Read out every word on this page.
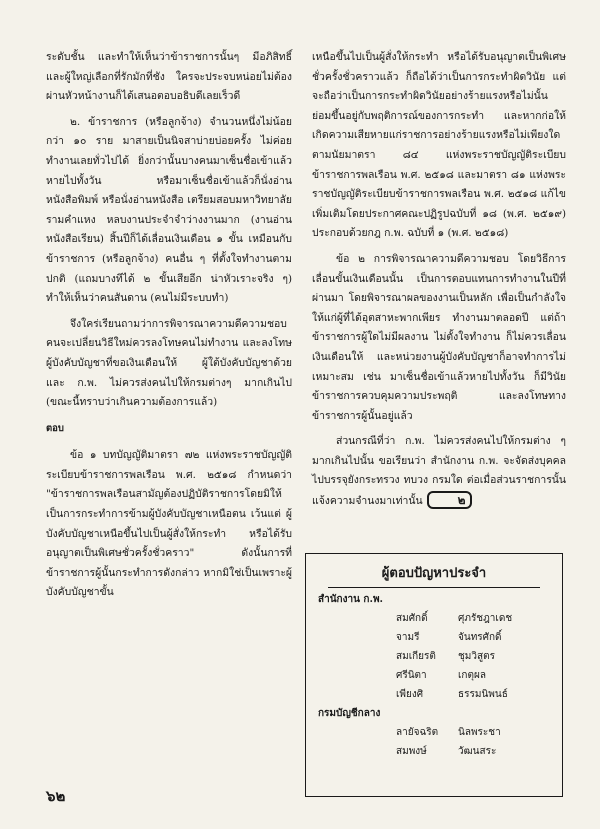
ระดับชั้น และทำให้เห็นว่าข้าราชการนั้นๆ มีอภิสิทธิ์ และผู้ใหญ่เลือกที่รักมักที่ชัง ใครจะประจบหน่อยไม่ต้องผ่านหัวหน้างานก็ได้เสนอตอบอธิบดีเลยเร็วดี

๒. ข้าราชการ (หรือลูกจ้าง) จำนวนหนึ่งไม่น้อยกว่า ๑๐ ราย มาสายเป็นนิจสาบ่ายบ่อยครั้ง ไม่ค่อยทำงานเลยทั่วไปได้ ยิ่งกว่านั้นบางคนมาเซ็นชื่อเข้าแล้วหายไปทั้งวัน หรือมาเซ็นชื่อเข้าแล้วก็นั่งอ่านหนังสือพิมพ์ หรือนั่งอ่านหนังสือ เตรียมสอบมหาวิทยาลัยรามคำแหง หลบงานประจำจำว่างงานมาก (งานอ่านหนังสือเรียน) สิ้นปีก็ได้เลื่อนเงินเดือน ๑ ขั้น เหมือนกับข้าราชการ (หรือลูกจ้าง) คนอื่น ๆ ที่ตั้งใจทำงานตามปกติ (แถมบางทีได้ ๒ ขั้นเสียอีก น่าหัวเราะจริง ๆ) ทำให้เห็นว่าคนสันดาน (คนไม่มีระบบทำ)

จึงใคร่เรียนถามว่าการพิจารณาความดีความชอบคนจะเปลี่ยนวิธีใหม่ควรลงโทษคนไม่ทำงาน และลงโทษผู้บังคับบัญชาที่ขอเงินเดือนให้ ผู้ใต้บังคับบัญชาด้วย และ ก.พ. ไม่ควรส่งคนไปให้กรมต่างๆ มากเกินไป (ขณะนี้ทราบว่าเกินความต้องการแล้ว)

ตอบ

ข้อ ๑ บทบัญญัติมาตรา ๗๒ แห่งพระราชบัญญัติระเบียบข้าราชการพลเรือน พ.ศ. ๒๕๑๘ กำหนดว่า "ข้าราชการพลเรือนสามัญต้องปฏิบัติราชการโดยมิให้เป็นการกระทำการข้ามผู้บังคับบัญชาเหนือตน เว้นแต่ ผู้บังคับบัญชาเหนือขึ้นไปเป็นผู้สั่งให้กระทำ หรือได้รับอนุญาตเป็นพิเศษชั่วครั้งชั่วคราว" ดังนั้นการที่ข้าราชการผู้นั้นกระทำการดังกล่าว หากมิใช่เป็นเพราะผู้บังคับบัญชาขั้น

เหนือขึ้นไปเป็นผู้สั่งให้กระทำ หรือได้รับอนุญาตเป็นพิเศษชั่วครั้งชั่วคราวแล้ว ก็ถือได้ว่าเป็นการกระทำผิดวินัย แต่จะถือว่าเป็นการกระทำผิดวินัยอย่างร้ายแรงหรือไม่นั้นย่อมขึ้นอยู่กับพฤติการณ์ของการกระทำ และหากก่อให้เกิดความเสียหายแก่ราชการอย่างร้ายแรงหรือไม่เพียงใด ตามนัยมาตรา ๘๔ แห่งพระราชบัญญัติระเบียบข้าราชการพลเรือน พ.ศ. ๒๕๑๘ และมาตรา ๘๑ แห่งพระราชบัญญัติระเบียบข้าราชการพลเรือน พ.ศ. ๒๕๑๘ แก้ไขเพิ่มเติมโดยประกาศคณะปฏิรูปฉบับที่ ๑๘ (พ.ศ. ๒๕๑๙) ประกอบด้วยกฎ ก.พ. ฉบับที่ ๑ (พ.ศ. ๒๕๑๘)

ข้อ ๒ การพิจารณาความดีความชอบ โดยวิธีการเลื่อนขั้นเงินเดือนนั้น เป็นการตอบแทนการทำงานในปีที่ผ่านมา โดยพิจารณาผลของงานเป็นหลัก เพื่อเป็นกำลังใจให้แก่ผู้ที่ได้อุตสาหะพากเพียร ทำงานมาตลอดปี แต่ถ้าข้าราชการผู้ใดไม่มีผลงาน ไม่ตั้งใจทำงาน ก็ไม่ควรเลื่อนเงินเดือนให้ และหน่วยงานผู้บังคับบัญชาก็อาจทำการไม่เหมาะสม เช่น มาเซ็นชื่อเข้าแล้วหายไปทั้งวัน ก็มีวินัยข้าราชการควบคุมความประพฤติ และลงโทษทางข้าราชการผู้นั้นอยู่แล้ว

ส่วนกรณีที่ว่า ก.พ. ไม่ควรส่งคนไปให้กรมต่าง ๆ มากเกินไปนั้น ขอเรียนว่า สำนักงาน ก.พ. จะจัดส่งบุคคลไปบรรจุยังกระทรวง ทบวง กรมใด ต่อเมื่อส่วนราชการนั้นแจ้งความจำนงมาเท่านั้น	๒

ผู้ตอบปัญหาประจำ
สำนักงาน ก.พ.
สมศักดิ์	ศุภรัชฎาเดช
จามรี	จันทรศักดิ์
สมเกียรติ	ชุมวิสูตร
ศรีนิตา	เกตุผล
เพียงศิ	ธรรมนิพนธ์
กรมบัญชีกลาง
ลายัจฉริต	นิลพระชา
สมพงษ์	วัฒนสระ
๖๒
